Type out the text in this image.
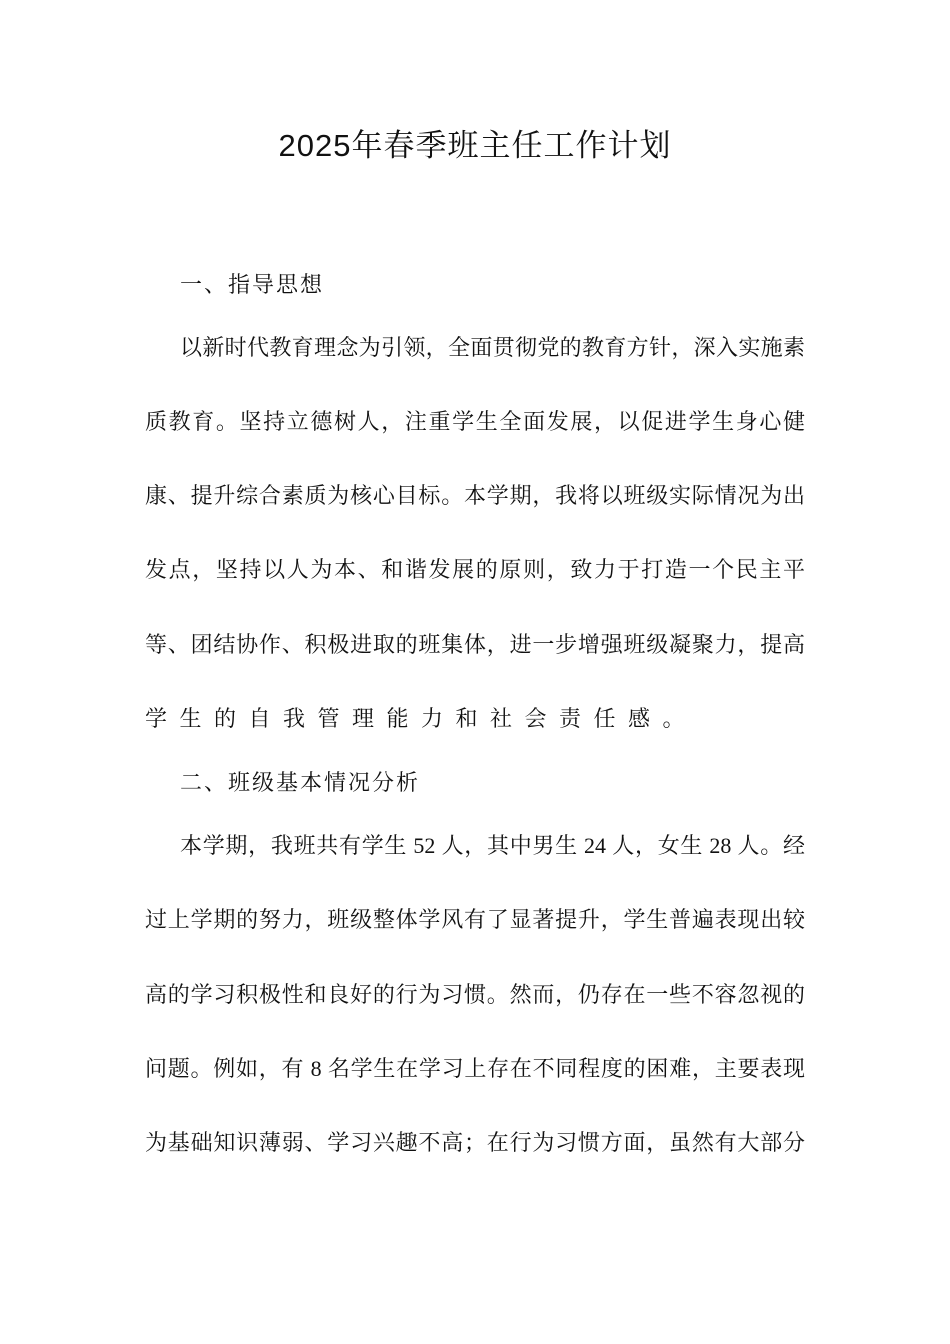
2025年春季班主任工作计划
一、指导思想
以新时代教育理念为引领，全面贯彻党的教育方针，深入实施素
质教育。坚持立德树人，注重学生全面发展，以促进学生身心健
康、提升综合素质为核心目标。本学期，我将以班级实际情况为出
发点，坚持以人为本、和谐发展的原则，致力于打造一个民主平
等、团结协作、积极进取的班集体，进一步增强班级凝聚力，提高
学生的自我管理能力和社会责任感。
二、班级基本情况分析
本学期，我班共有学生 52 人，其中男生 24 人，女生 28 人。经
过上学期的努力，班级整体学风有了显著提升，学生普遍表现出较
高的学习积极性和良好的行为习惯。然而，仍存在一些不容忽视的
问题。例如，有 8 名学生在学习上存在不同程度的困难，主要表现
为基础知识薄弱、学习兴趣不高；在行为习惯方面，虽然有大部分
